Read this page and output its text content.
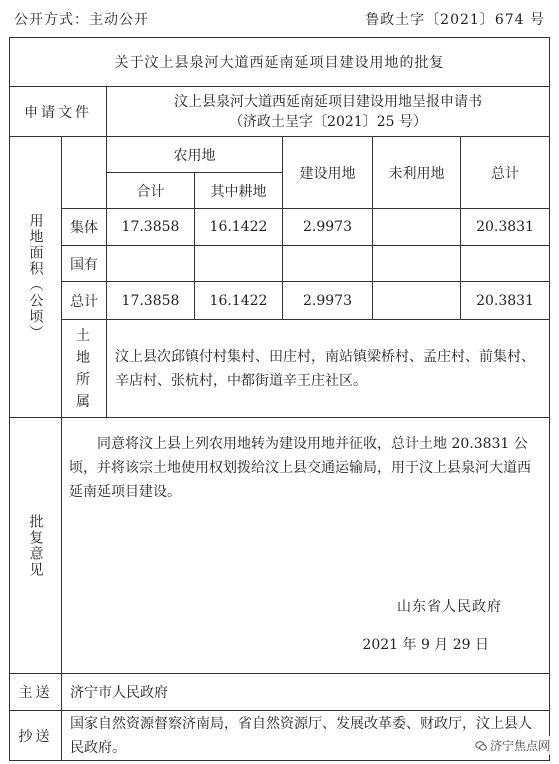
公开方式：主动公开	鲁政土字〔2021〕674 号
关于汶上县泉河大道西延南延项目建设用地的批复						
申请文件		汶上县泉河大道西延南延项目建设用地呈报申请书
（济政土呈字〔2021〕25 号）				

用地面积（公顷）		农用地		建设用地	未利用地	总计
		合计	其中耕地			
	集体	17.3858	16.1422	2.9973		20.3831
	国有					
	总计	17.3858	16.1422	2.9973		20.3831

	土地所属	汶上县次邱镇付村集村、田庄村，南站镇梁桥村、孟庄村、前集村、辛店村、张杭村，中都街道辛王庄社区。				

批复意见	同意将汶上县上列农用地转为建设用地并征收，总计土地 20.3831 公顷，并将该宗土地使用权划拨给汶上县交通运输局，用于汶上县泉河大道西延南延项目建设。
山东省人民政府
2021 年 9 月 29 日					

主送	济宁市人民政府					
抄送	国家自然资源督察济南局，省自然资源厅、发展改革委、财政厅，汶上县人民政府。						济宁焦点网
